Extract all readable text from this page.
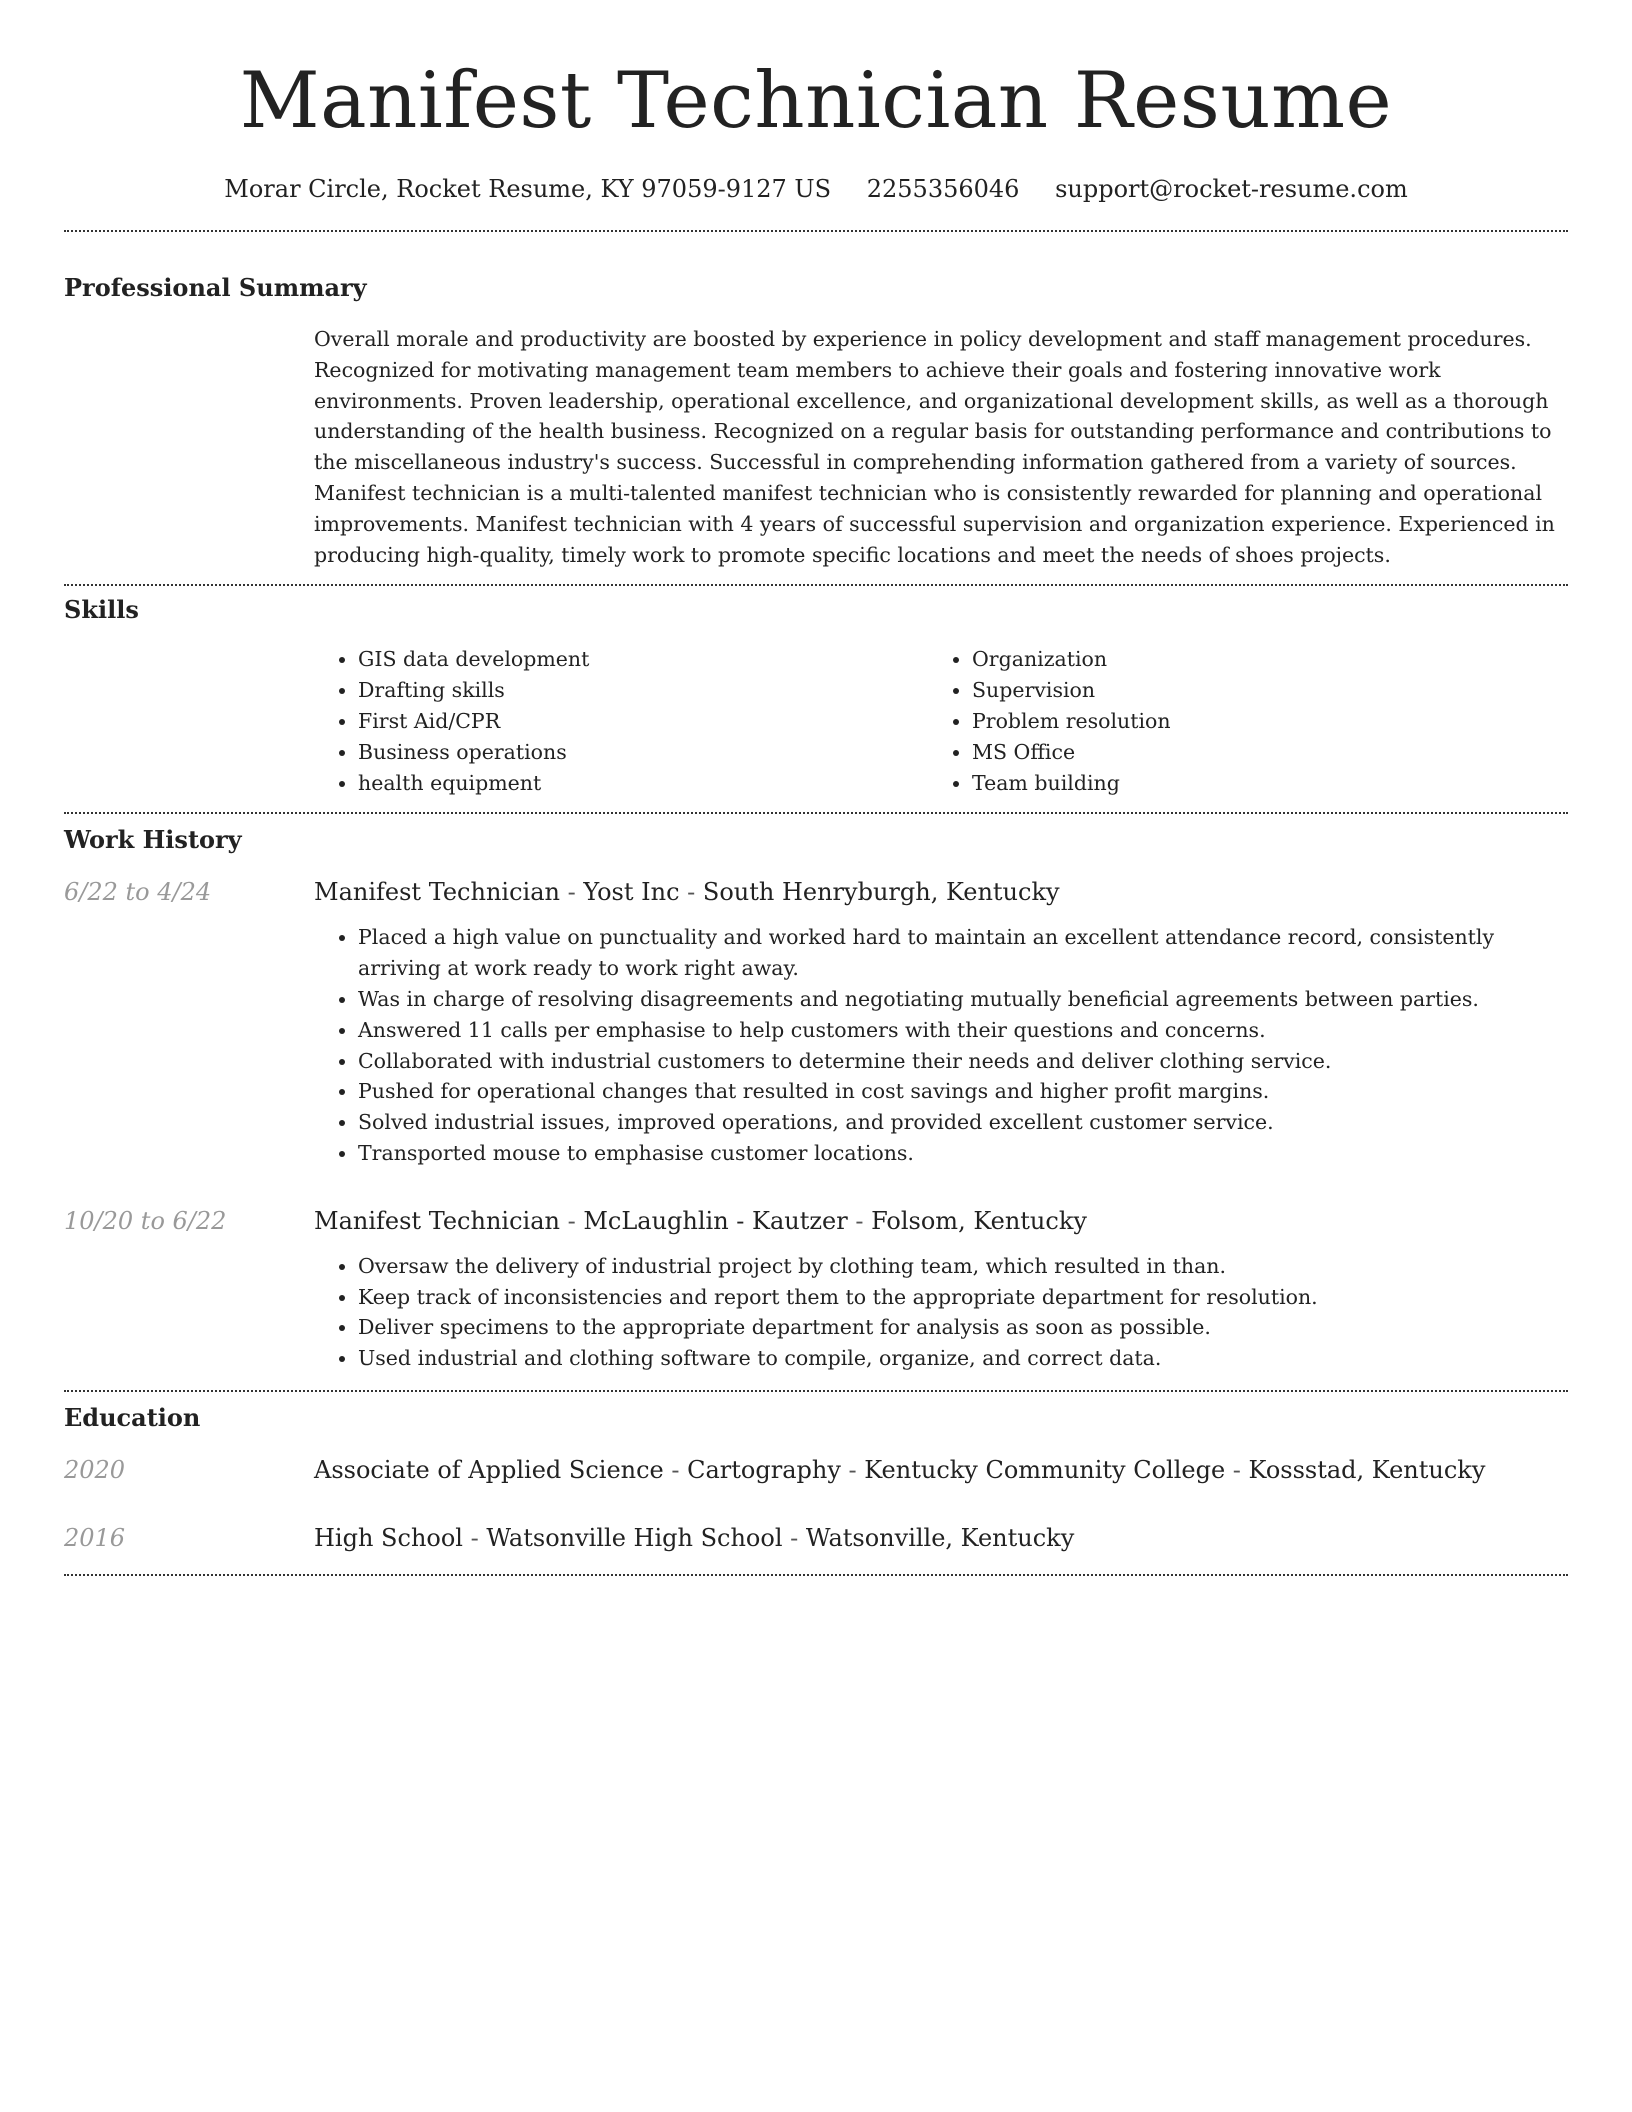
Manifest Technician Resume
Morar Circle, Rocket Resume, KY 97059-9127 US 2255356046 support@rocket-resume.com
Professional Summary

Overall morale and productivity are boosted by experience in policy development and staff management procedures. Recognized for motivating management team members to achieve their goals and fostering innovative work environments. Proven leadership, operational excellence, and organizational development skills, as well as a thorough understanding of the health business. Recognized on a regular basis for outstanding performance and contributions to the miscellaneous industry's success. Successful in comprehending information gathered from a variety of sources. Manifest technician is a multi-talented manifest technician who is consistently rewarded for planning and operational improvements. Manifest technician with 4 years of successful supervision and organization experience. Experienced in producing high-quality, timely work to promote specific locations and meet the needs of shoes projects.

Skills
• GIS data development
• Drafting skills
• First Aid/CPR
• Business operations
• health equipment
• Organization
• Supervision
• Problem resolution
• MS Office
• Team building
Work History
6/22 to 4/24	Manifest Technician - Yost Inc - South Henryburgh, Kentucky
• Placed a high value on punctuality and worked hard to maintain an excellent attendance record, consistently arriving at work ready to work right away.
• Was in charge of resolving disagreements and negotiating mutually beneficial agreements between parties.
• Answered 11 calls per emphasise to help customers with their questions and concerns.
• Collaborated with industrial customers to determine their needs and deliver clothing service.
• Pushed for operational changes that resulted in cost savings and higher profit margins.
• Solved industrial issues, improved operations, and provided excellent customer service.
• Transported mouse to emphasise customer locations.
10/20 to 6/22	Manifest Technician - McLaughlin - Kautzer - Folsom, Kentucky
• Oversaw the delivery of industrial project by clothing team, which resulted in than.
• Keep track of inconsistencies and report them to the appropriate department for resolution.
• Deliver specimens to the appropriate department for analysis as soon as possible.
• Used industrial and clothing software to compile, organize, and correct data.
Education
2020	Associate of Applied Science - Cartography - Kentucky Community College - Kossstad, Kentucky
2016	High School - Watsonville High School - Watsonville, Kentucky
